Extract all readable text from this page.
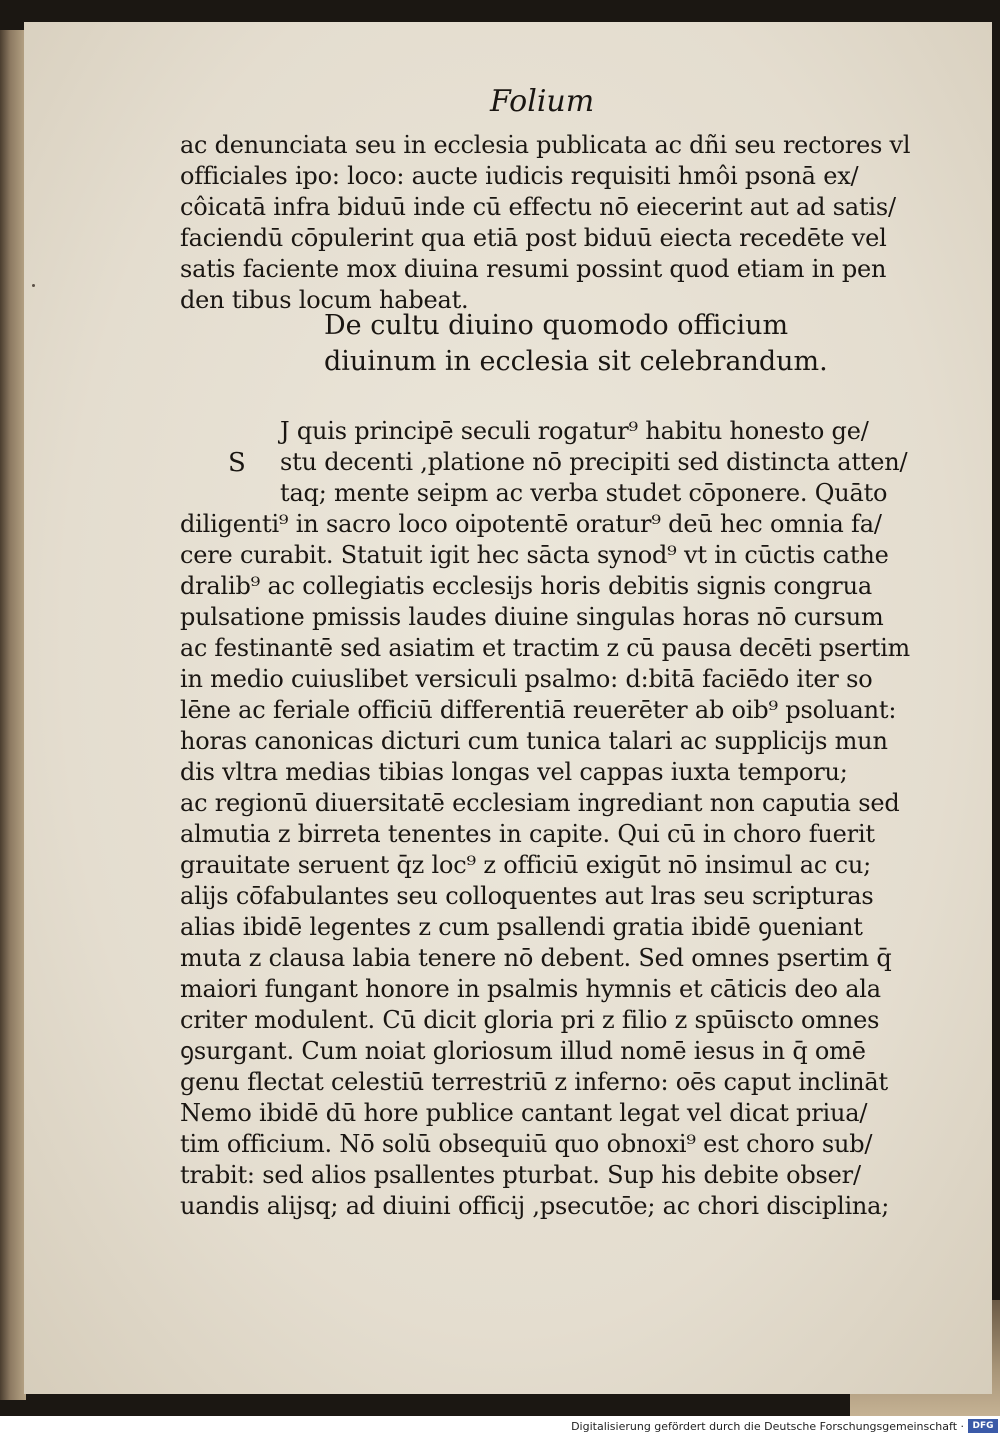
Folium
ac denunciata seu in ecclesia publicata ac dñi seu rectores vl
officiales ipo: loco: aucte iudicis requisiti hmôi psonā ex/
côicatā infra biduū inde cū effectu nō eiecerint aut ad satis/
faciendū cōpulerint qua etiā post biduū eiecta recedēte vel
satis faciente mox diuina resumi possint quod etiam in pen
den tibus locum habeat.
De cultu diuino quomodo officium
diuinum in ecclesia sit celebrandum.
J quis principē seculi rogatur⁹ habitu honesto ge/
stu decenti ,platione nō precipiti sed distincta atten/
taq; mente seipm ac verba studet cōponere. Quāto
diligenti⁹ in sacro loco oipotentē oratur⁹ deū hec omnia fa/
cere curabit. Statuit igit hec sācta synod⁹ vt in cūctis cathe
dralib⁹ ac collegiatis ecclesijs horis debitis signis congrua
pulsatione pmissis laudes diuine singulas horas nō cursum
ac festinantē sed asiatim et tractim z cū pausa decēti psertim
in medio cuiuslibet versiculi psalmo: d:bitā faciēdo iter so
lēne ac feriale officiū differentiā reuerēter ab oib⁹ psoluant:
horas canonicas dicturi cum tunica talari ac supplicijs mun
dis vltra medias tibias longas vel cappas iuxta temporu;
ac regionū diuersitatē ecclesiam ingrediant non caputia sed
almutia z birreta tenentes in capite. Qui cū in choro fuerit
grauitate seruent q̄z loc⁹ z officiū exigūt nō insimul ac cu;
alijs cōfabulantes seu colloquentes aut lras seu scripturas
alias ibidē legentes z cum psallendi gratia ibidē ꝯueniant
muta z clausa labia tenere nō debent. Sed omnes psertim q̄
maiori fungant honore in psalmis hymnis et cāticis deo ala
criter modulent. Cū dicit gloria pri z filio z spūiscto omnes
ꝯsurgant. Cum noiat gloriosum illud nomē iesus in q̄ omē
genu flectat celestiū terrestriū z inferno: oēs caput inclināt
Nemo ibidē dū hore publice cantant legat vel dicat priua/
tim officium. Nō solū obsequiū quo obnoxi⁹ est choro sub/
trabit: sed alios psallentes pturbat. Sup his debite obser/
uandis alijsq; ad diuini officij ,psecutōe; ac chori disciplina;
S
Digitalisierung gefördert durch die Deutsche Forschungsgemeinschaft · DFG
